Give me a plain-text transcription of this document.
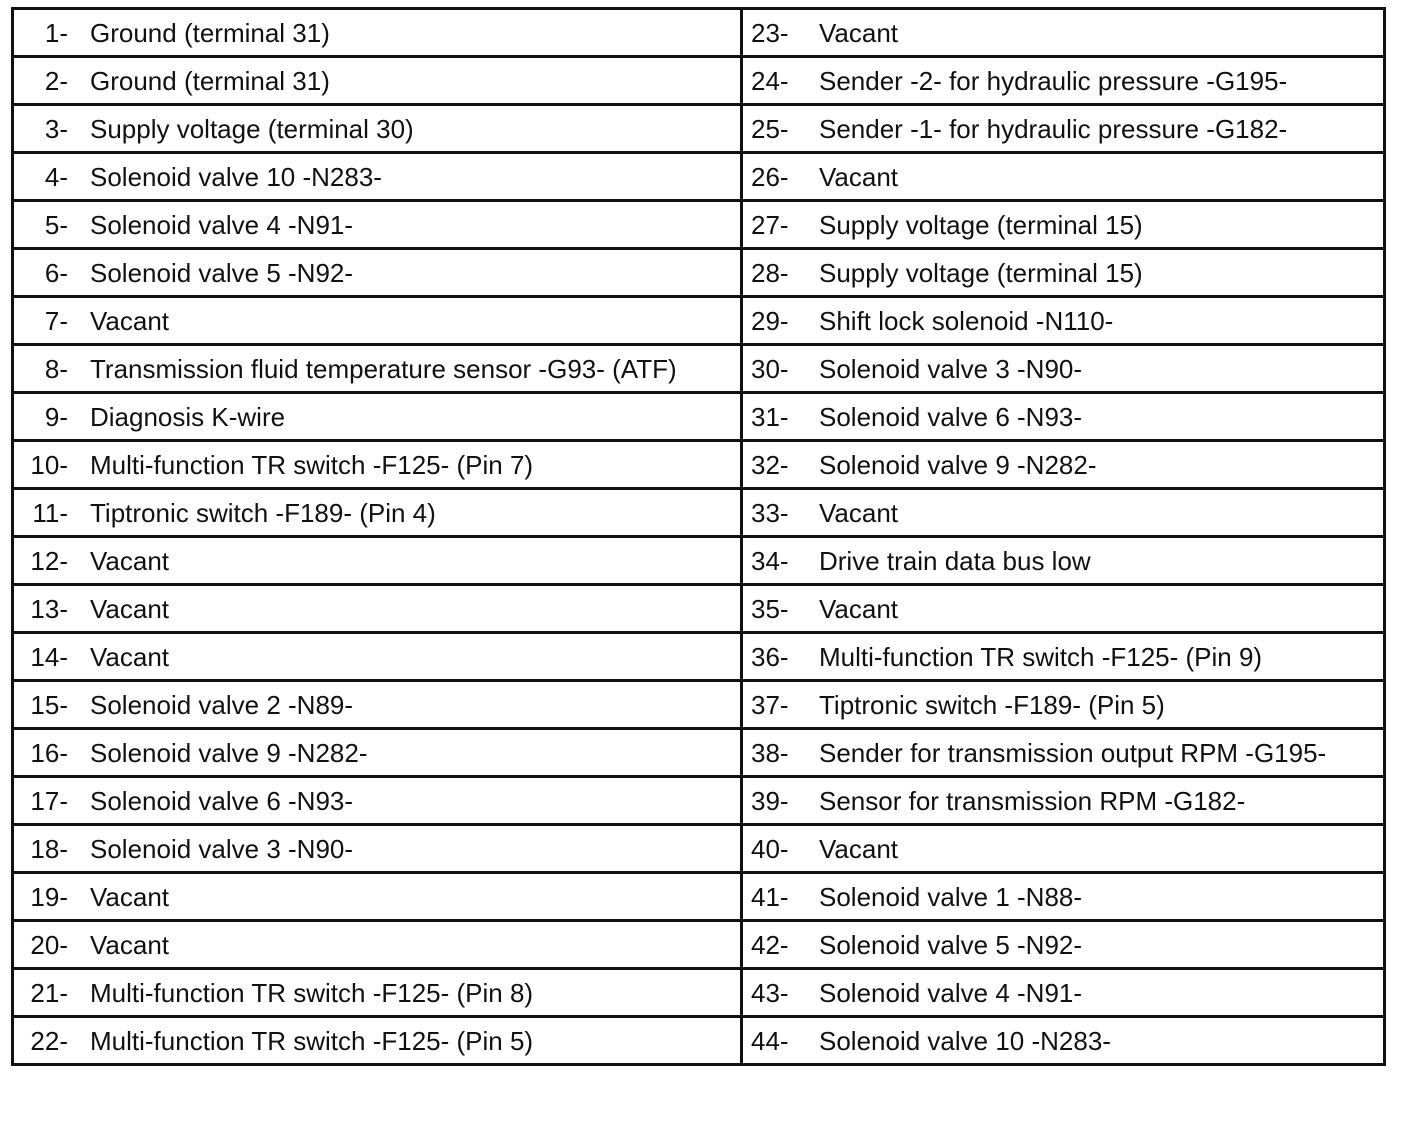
1- Ground (terminal 31)	23- Vacant

2- Ground (terminal 31)	24- Sender -2- for hydraulic pressure -G195-

3- Supply voltage (terminal 30)	25- Sender -1- for hydraulic pressure -G182-

4- Solenoid valve 10 -N283-	26- Vacant

5- Solenoid valve 4 -N91-	27- Supply voltage (terminal 15)

6- Solenoid valve 5 -N92-	28- Supply voltage (terminal 15)

7- Vacant	29- Shift lock solenoid -N110-

8- Transmission fluid temperature sensor -G93- (ATF)	30- Solenoid valve 3 -N90-

9- Diagnosis K-wire	31- Solenoid valve 6 -N93-

10- Multi-function TR switch -F125- (Pin 7)	32- Solenoid valve 9 -N282-

11- Tiptronic switch -F189- (Pin 4)	33- Vacant

12- Vacant	34- Drive train data bus low

13- Vacant	35- Vacant

14- Vacant	36- Multi-function TR switch -F125- (Pin 9)

15- Solenoid valve 2 -N89-	37- Tiptronic switch -F189- (Pin 5)

16- Solenoid valve 9 -N282-	38- Sender for transmission output RPM -G195-

17- Solenoid valve 6 -N93-	39- Sensor for transmission RPM -G182-

18- Solenoid valve 3 -N90-	40- Vacant

19- Vacant	41- Solenoid valve 1 -N88-

20- Vacant	42- Solenoid valve 5 -N92-

21- Multi-function TR switch -F125- (Pin 8)	43- Solenoid valve 4 -N91-

22- Multi-function TR switch -F125- (Pin 5)	44- Solenoid valve 10 -N283-
